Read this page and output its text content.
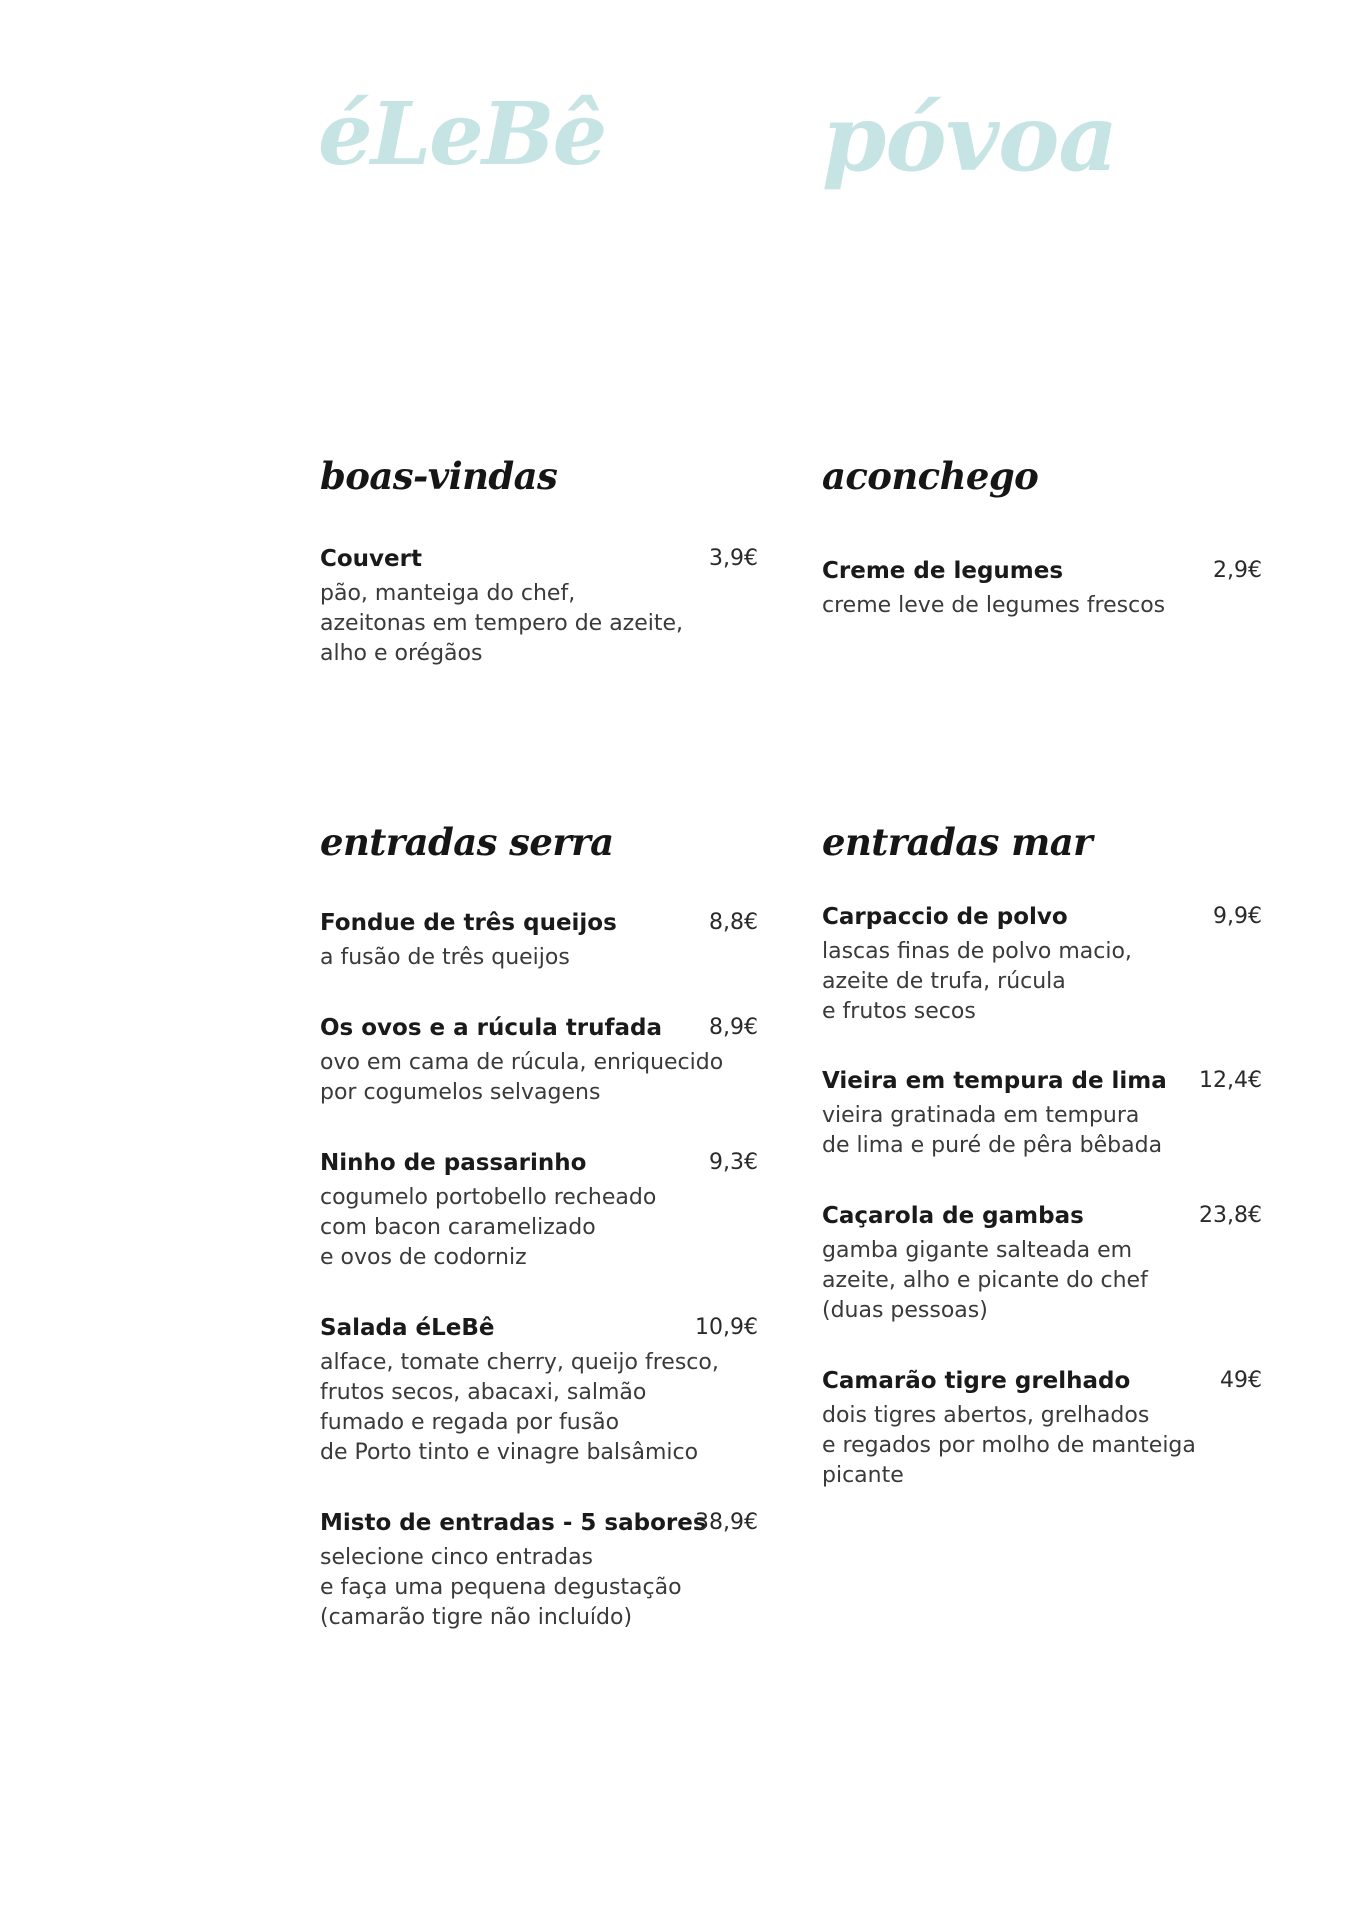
éLeBê póvoa
boas-vindas
Couvert	3,9€
pão, manteiga do chef,
azeitonas em tempero de azeite,
alho e orégãos
aconchego
Creme de legumes	2,9€
creme leve de legumes frescos
entradas serra
Fondue de três queijos	8,8€
a fusão de três queijos
Os ovos e a rúcula trufada 8,9€
ovo em cama de rúcula, enriquecido
por cogumelos selvagens
Ninho de passarinho	9,3€
cogumelo portobello recheado
com bacon caramelizado
e ovos de codorniz
Salada éLeBê	10,9€
alface, tomate cherry, queijo fresco,
frutos secos, abacaxi, salmão
fumado e regada por fusão
de Porto tinto e vinagre balsâmico
Misto de entradas - 5 sabores
38,9€
selecione cinco entradas
e faça uma pequena degustação
(camarão tigre não incluído)
entradas mar
Carpaccio de polvo	9,9€
lascas finas de polvo macio,
azeite de trufa, rúcula
e frutos secos
Vieira em tempura de lima 12,4€
vieira gratinada em tempura
de lima e puré de pêra bêbada
Caçarola de gambas	23,8€
gamba gigante salteada em
azeite, alho e picante do chef
(duas pessoas)
Camarão tigre grelhado	49€
dois tigres abertos, grelhados
e regados por molho de manteiga
picante
